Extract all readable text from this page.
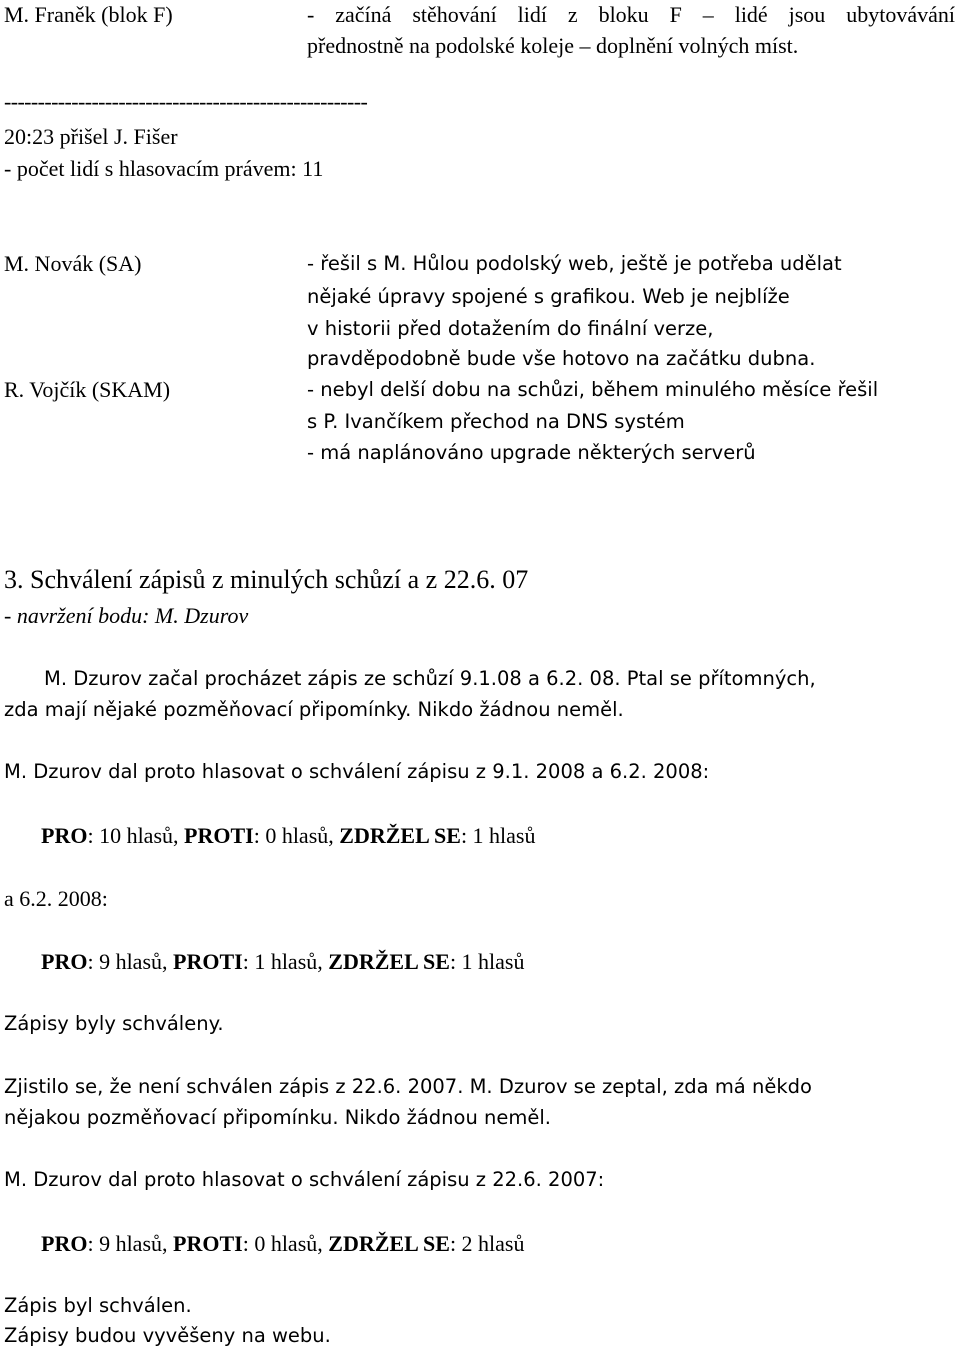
M. Franěk (blok F)	- začíná stěhování lidí z bloku F – lidé jsou ubytovávání
přednostně na podolské koleje – doplnění volných míst.
------------------------------------------------------
20:23 přišel J. Fišer
- počet lidí s hlasovacím právem: 11
M. Novák (SA)	- řešil s M. Hůlou podolský web, ještě je potřeba udělat
nějaké úpravy spojené s grafikou. Web je nejblíže
v historii před dotažením do finální verze,
pravděpodobně bude vše hotovo na začátku dubna.
R. Vojčík (SKAM)	- nebyl delší dobu na schůzi, během minulého měsíce řešil
s P. Ivančíkem přechod na DNS systém
- má naplánováno upgrade některých serverů
3. Schválení zápisů z minulých schůzí a z 22.6. 07
- navržení bodu: M. Dzurov
M. Dzurov začal procházet zápis ze schůzí 9.1.08 a 6.2. 08. Ptal se přítomných,
zda mají nějaké pozměňovací připomínky. Nikdo žádnou neměl.
M. Dzurov dal proto hlasovat o schválení zápisu z 9.1. 2008 a 6.2. 2008:
PRO: 10 hlasů, PROTI: 0 hlasů, ZDRŽEL SE: 1 hlasů
a 6.2. 2008:
PRO: 9 hlasů, PROTI: 1 hlasů, ZDRŽEL SE: 1 hlasů
Zápisy byly schváleny.
Zjistilo se, že není schválen zápis z 22.6. 2007. M. Dzurov se zeptal, zda má někdo
nějakou pozměňovací připomínku. Nikdo žádnou neměl.
M. Dzurov dal proto hlasovat o schválení zápisu z 22.6. 2007:
PRO: 9 hlasů, PROTI: 0 hlasů, ZDRŽEL SE: 2 hlasů
Zápis byl schválen.
Zápisy budou vyvěšeny na webu.
